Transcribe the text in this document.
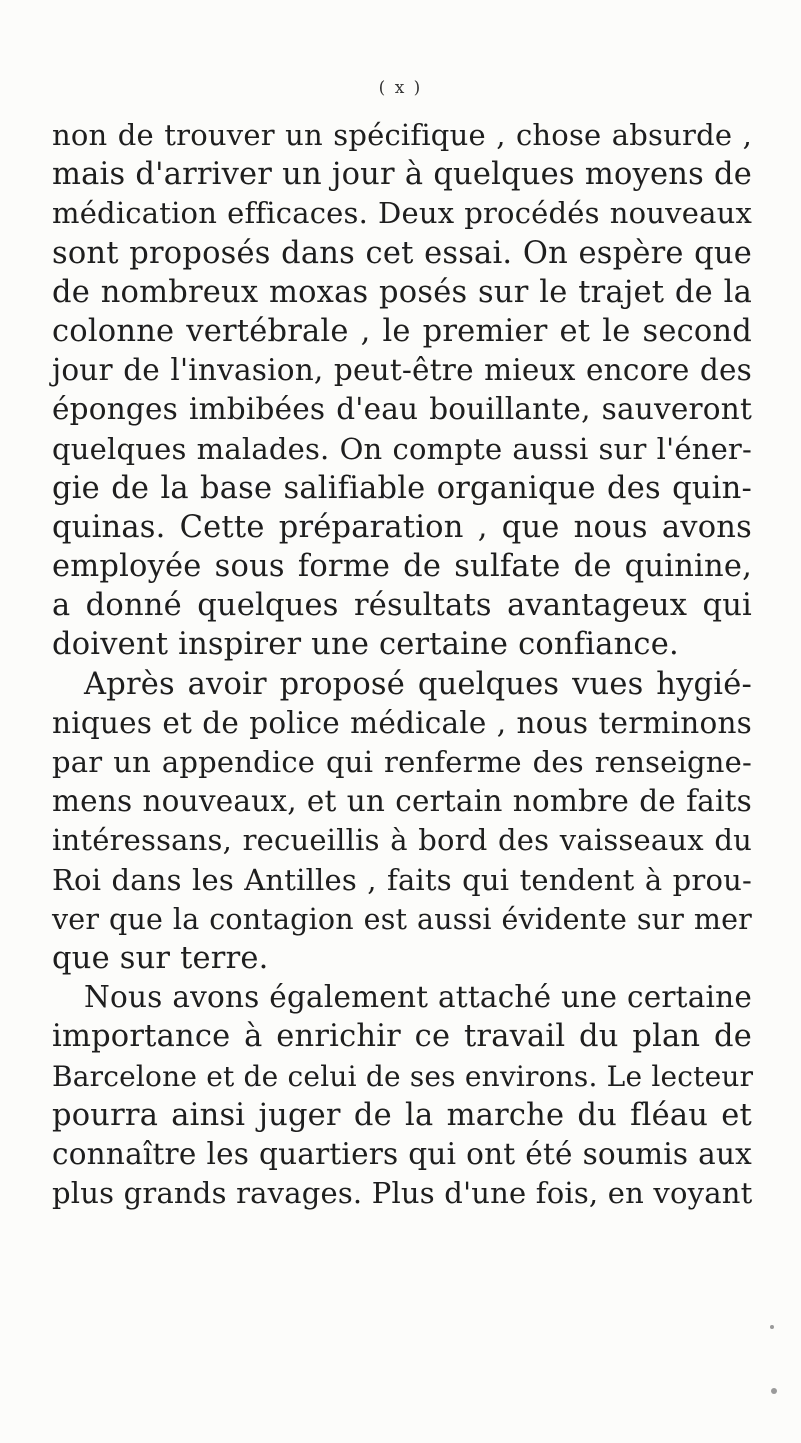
( x )
non de trouver un spécifique , chose absurde ,
mais d'arriver un jour à quelques moyens de
médication efficaces. Deux procédés nouveaux
sont proposés dans cet essai. On espère que
de nombreux moxas posés sur le trajet de la
colonne vertébrale , le premier et le second
jour de l'invasion, peut-être mieux encore des
éponges imbibées d'eau bouillante, sauveront
quelques malades. On compte aussi sur l'éner-
gie de la base salifiable organique des quin-
quinas. Cette préparation , que nous avons
employée sous forme de sulfate de quinine,
a donné quelques résultats avantageux qui
doivent inspirer une certaine confiance.
Après avoir proposé quelques vues hygié-
niques et de police médicale , nous terminons
par un appendice qui renferme des renseigne-
mens nouveaux, et un certain nombre de faits
intéressans, recueillis à bord des vaisseaux du
Roi dans les Antilles , faits qui tendent à prou-
ver que la contagion est aussi évidente sur mer
que sur terre.
Nous avons également attaché une certaine
importance à enrichir ce travail du plan de
Barcelone et de celui de ses environs. Le lecteur
pourra ainsi juger de la marche du fléau et
connaître les quartiers qui ont été soumis aux
plus grands ravages. Plus d'une fois, en voyant
